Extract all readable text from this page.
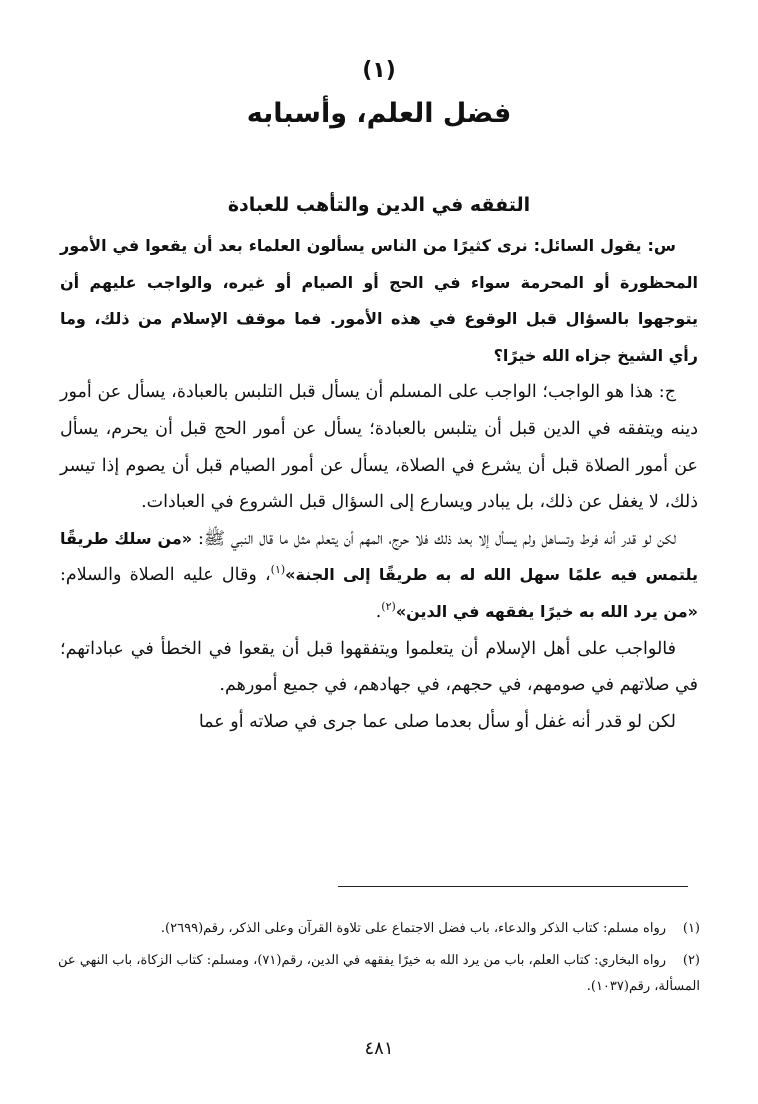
(١)
فضل العلم، وأسبابه
التفقه في الدين والتأهب للعبادة

س: يقول السائل: نرى كثيرًا من الناس يسألون العلماء بعد أن يقعوا في الأمور المحظورة أو المحرمة سواء في الحج أو الصيام أو غيره، والواجب عليهم أن يتوجهوا بالسؤال قبل الوقوع في هذه الأمور. فما موقف الإسلام من ذلك، وما رأي الشيخ جزاه الله خيرًا؟

ج: هذا هو الواجب؛ الواجب على المسلم أن يسأل قبل التلبس بالعبادة، يسأل عن أمور دينه ويتفقه في الدين قبل أن يتلبس بالعبادة؛ يسأل عن أمور الحج قبل أن يحرم، يسأل عن أمور الصلاة قبل أن يشرع في الصلاة، يسأل عن أمور الصيام قبل أن يصوم إذا تيسر ذلك، لا يغفل عن ذلك، بل يبادر ويسارع إلى السؤال قبل الشروع في العبادات.

لكن لو قدر أنه فرط وتساهل ولم يسأل إلا بعد ذلك فلا حرج، المهم أن يتعلم مثل ما قال النبي ﷺ: «من سلك طريقًا يلتمس فيه علمًا سهل الله له به طريقًا إلى الجنة»$^{(١)}$، وقال عليه الصلاة والسلام: «من يرد الله به خيرًا يفقهه في الدين»$^{(٢)}$.

فالواجب على أهل الإسلام أن يتعلموا ويتفقهوا قبل أن يقعوا في الخطأ في عباداتهم؛ في صلاتهم في صومهم، في حجهم، في جهادهم، في جميع أمورهم.

لكن لو قدر أنه غفل أو سأل بعدما صلى عما جرى في صلاته أو عما

(١)رواه مسلم: كتاب الذكر والدعاء، باب فضل الاجتماع على تلاوة القرآن وعلى الذكر، رقم(٢٦٩٩).

(٢)رواه البخاري: كتاب العلم، باب من يرد الله به خيرًا يفقهه في الدين، رقم(٧١)، ومسلم: كتاب الزكاة، باب النهي عن المسألة، رقم(١٠٣٧).

٤٨١
